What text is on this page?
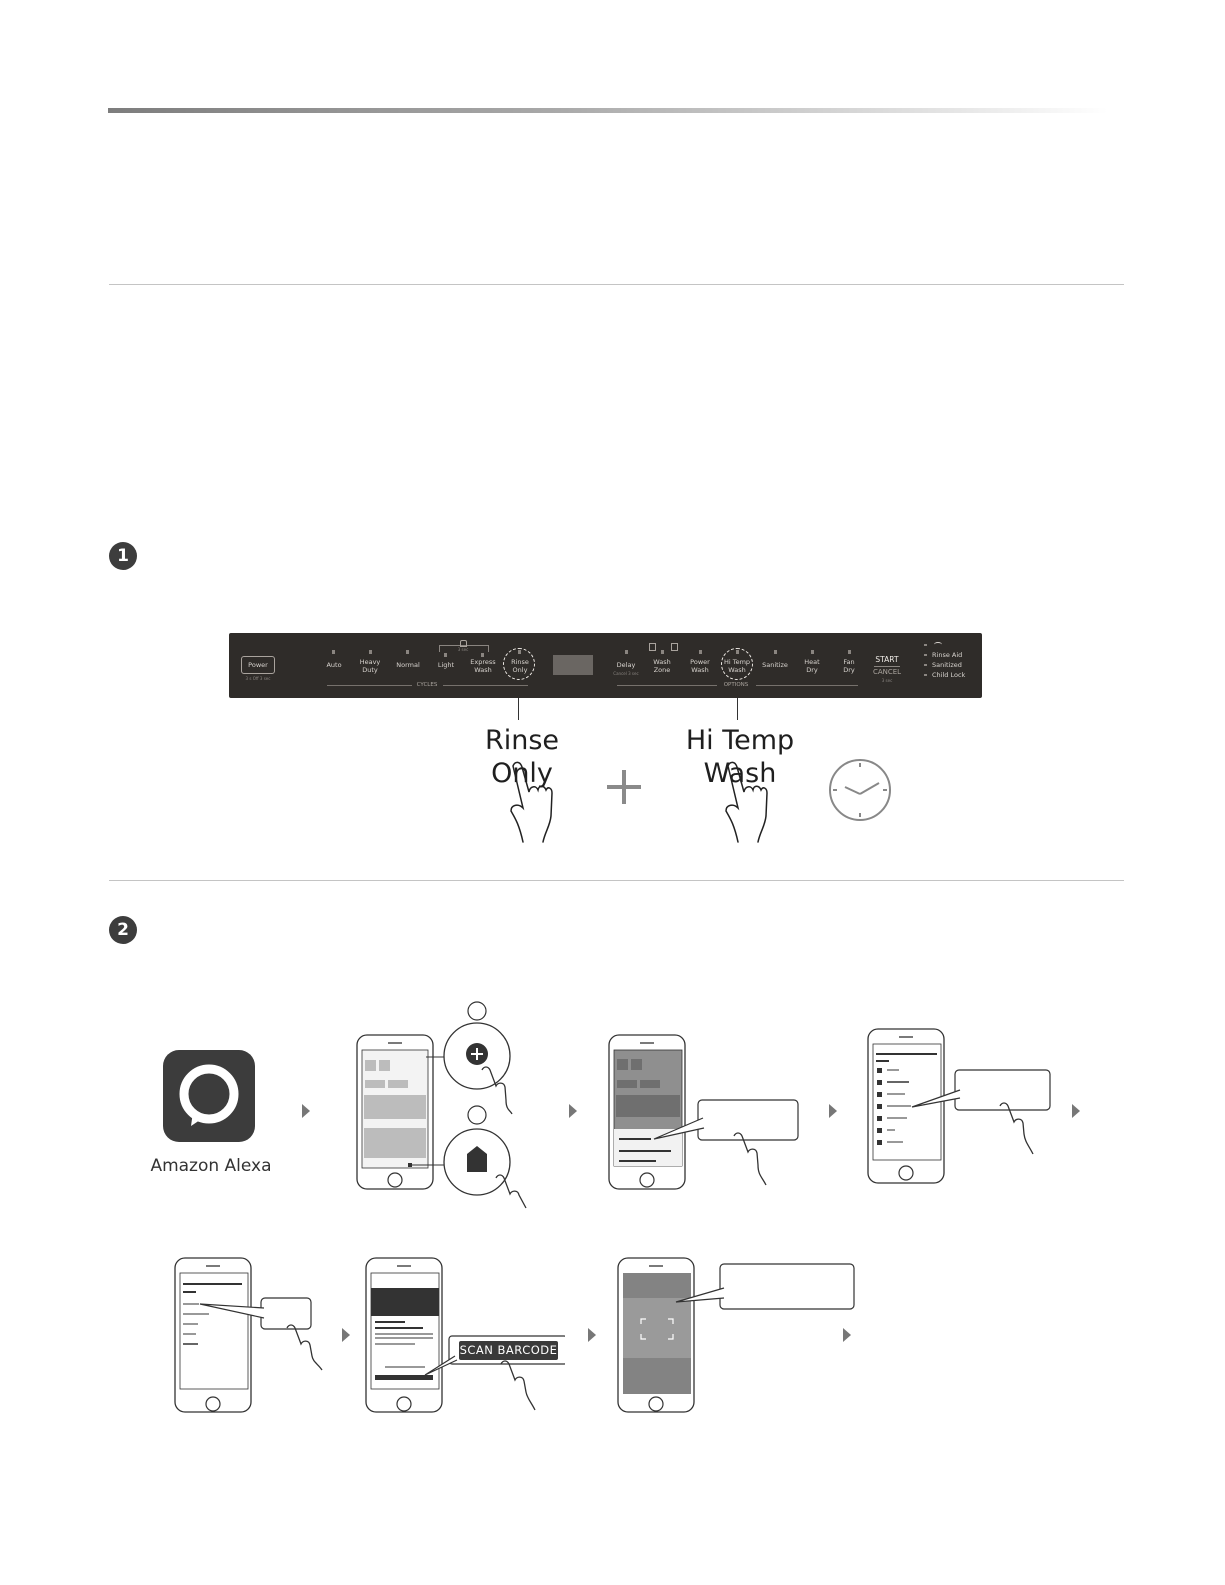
1
Power
3 s Off 3 sec
Auto	Heavy
Duty
Normal
3 sec
Light	Express
Wash
Rinse
Only
CYCLES
Delay
Cancel 3 sec
Wash
Zone
Power
Wash
Hi Temp
Wash
Sanitize	Heat
Dry
Fan
Dry
OPTIONS
START
CANCEL
3 sec
Rinse Aid
Sanitized
Child Lock
Rinse
Only
Hi Temp
Wash
2
Amazon Alexa
SCAN BARCODE
